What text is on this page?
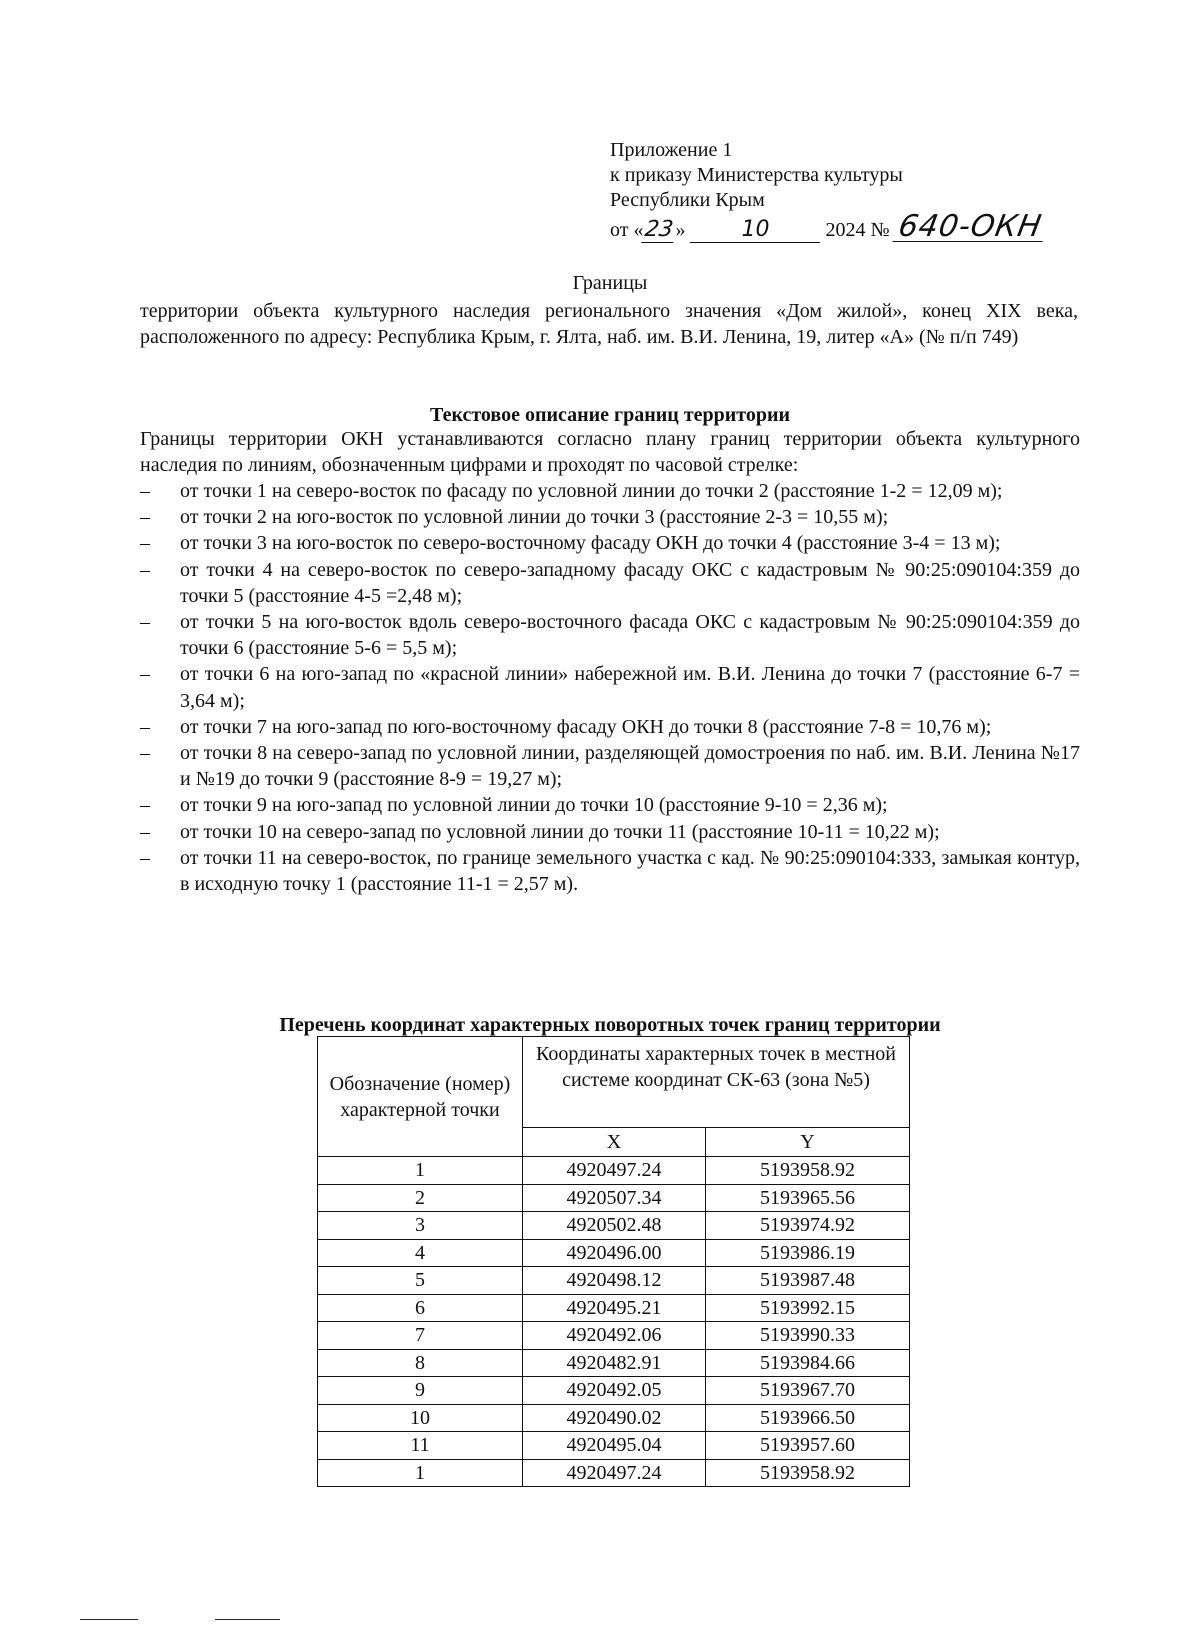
Приложение 1
к приказу Министерства культуры
Республики Крым
от «23»	10	2024 № 640-ОКН
Границы
территории объекта культурного наследия регионального значения «Дом жилой», конец XIX века, расположенного по адресу: Республика Крым, г. Ялта, наб. им. В.И. Ленина, 19, литер «А» (№ п/п 749)
Текстовое описание границ территории
Границы территории ОКН устанавливаются согласно плану границ территории объекта культурного наследия по линиям, обозначенным цифрами и проходят по часовой стрелке:
– от точки 1 на северо-восток по фасаду по условной линии до точки 2 (расстояние 1-2 = 12,09 м);
– от точки 2 на юго-восток по условной линии до точки 3 (расстояние 2-3 = 10,55 м);
– от точки 3 на юго-восток по северо-восточному фасаду ОКН до точки 4 (расстояние 3-4 = 13 м);
– от точки 4 на северо-восток по северо-западному фасаду ОКС с кадастровым № 90:25:090104:359 до точки 5 (расстояние 4-5 =2,48 м);
– от точки 5 на юго-восток вдоль северо-восточного фасада ОКС с кадастровым № 90:25:090104:359 до точки 6 (расстояние 5-6 = 5,5 м);
– от точки 6 на юго-запад по «красной линии» набережной им. В.И. Ленина до точки 7 (расстояние 6-7 = 3,64 м);
– от точки 7 на юго-запад по юго-восточному фасаду ОКН до точки 8 (расстояние 7-8 = 10,76 м);
– от точки 8 на северо-запад по условной линии, разделяющей домостроения по наб. им. В.И. Ленина №17 и №19 до точки 9 (расстояние 8-9 = 19,27 м);
– от точки 9 на юго-запад по условной линии до точки 10 (расстояние 9-10 = 2,36 м);
– от точки 10 на северо-запад по условной линии до точки 11 (расстояние 10-11 = 10,22 м);
– от точки 11 на северо-восток, по границе земельного участка с кад. № 90:25:090104:333, замыкая контур, в исходную точку 1 (расстояние 11-1 = 2,57 м).
Перечень координат характерных поворотных точек границ территории
Обозначение (номер) характерной точки	Координаты характерных точек в местной системе координат СК-63 (зона №5)	
	X	Y
1	4920497.24	5193958.92
2	4920507.34	5193965.56
3	4920502.48	5193974.92
4	4920496.00	5193986.19
5	4920498.12	5193987.48
6	4920495.21	5193992.15
7	4920492.06	5193990.33
8	4920482.91	5193984.66
9	4920492.05	5193967.70
10	4920490.02	5193966.50
11	4920495.04	5193957.60
1	4920497.24	5193958.92
